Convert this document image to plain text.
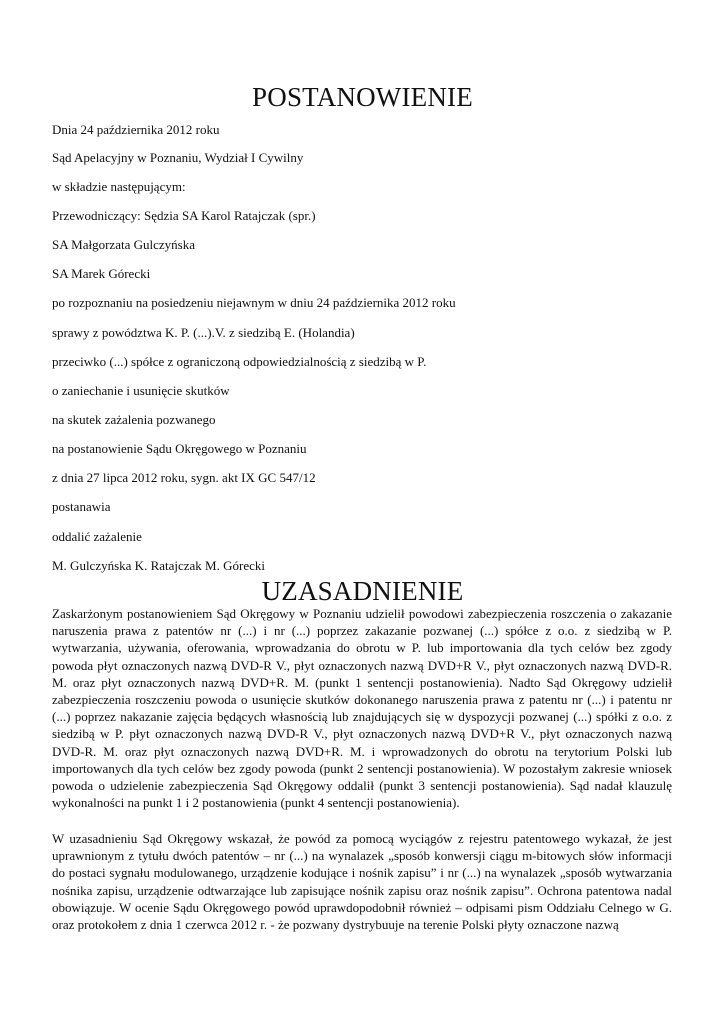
POSTANOWIENIE
Dnia 24 października 2012 roku
Sąd Apelacyjny w Poznaniu, Wydział I Cywilny
w składzie następującym:
Przewodniczący: Sędzia SA Karol Ratajczak (spr.)
SA Małgorzata Gulczyńska
SA Marek Górecki
po rozpoznaniu na posiedzeniu niejawnym w dniu 24 października 2012 roku
sprawy z powództwa K. P. (...).V. z siedzibą E. (Holandia)
przeciwko (...) spółce z ograniczoną odpowiedzialnością z siedzibą w P.
o zaniechanie i usunięcie skutków
na skutek zażalenia pozwanego
na postanowienie Sądu Okręgowego w Poznaniu
z dnia 27 lipca 2012 roku, sygn. akt IX GC 547/12
postanawia
oddalić zażalenie
M. Gulczyńska K. Ratajczak M. Górecki
UZASADNIENIE
Zaskarżonym postanowieniem Sąd Okręgowy w Poznaniu udzielił powodowi zabezpieczenia roszczenia o zakazanie naruszenia prawa z patentów nr (...) i nr (...) poprzez zakazanie pozwanej (...) spółce z o.o. z siedzibą w P. wytwarzania, używania, oferowania, wprowadzania do obrotu w P. lub importowania dla tych celów bez zgody powoda płyt oznaczonych nazwą DVD-R V., płyt oznaczonych nazwą DVD+R V., płyt oznaczonych nazwą DVD-R. M. oraz płyt oznaczonych nazwą DVD+R. M. (punkt 1 sentencji postanowienia). Nadto Sąd Okręgowy udzielił zabezpieczenia roszczeniu powoda o usunięcie skutków dokonanego naruszenia prawa z patentu nr (...) i patentu nr (...) poprzez nakazanie zajęcia będących własnością lub znajdujących się w dyspozycji pozwanej (...) spółki z o.o. z siedzibą w P. płyt oznaczonych nazwą DVD-R V., płyt oznaczonych nazwą DVD+R V., płyt oznaczonych nazwą DVD-R. M. oraz płyt oznaczonych nazwą DVD+R. M. i wprowadzonych do obrotu na terytorium Polski lub importowanych dla tych celów bez zgody powoda (punkt 2 sentencji postanowienia). W pozostałym zakresie wniosek powoda o udzielenie zabezpieczenia Sąd Okręgowy oddalił (punkt 3 sentencji postanowienia). Sąd nadał klauzulę wykonalności na punkt 1 i 2 postanowienia (punkt 4 sentencji postanowienia).
W uzasadnieniu Sąd Okręgowy wskazał, że powód za pomocą wyciągów z rejestru patentowego wykazał, że jest uprawnionym z tytułu dwóch patentów – nr (...) na wynalazek „sposób konwersji ciągu m-bitowych słów informacji do postaci sygnału modulowanego, urządzenie kodujące i nośnik zapisu” i nr (...) na wynalazek „sposób wytwarzania nośnika zapisu, urządzenie odtwarzające lub zapisujące nośnik zapisu oraz nośnik zapisu”. Ochrona patentowa nadal obowiązuje. W ocenie Sądu Okręgowego powód uprawdopodobnił również – odpisami pism Oddziału Celnego w G. oraz protokołem z dnia 1 czerwca 2012 r. - że pozwany dystrybuuje na terenie Polski płyty oznaczone nazwą
